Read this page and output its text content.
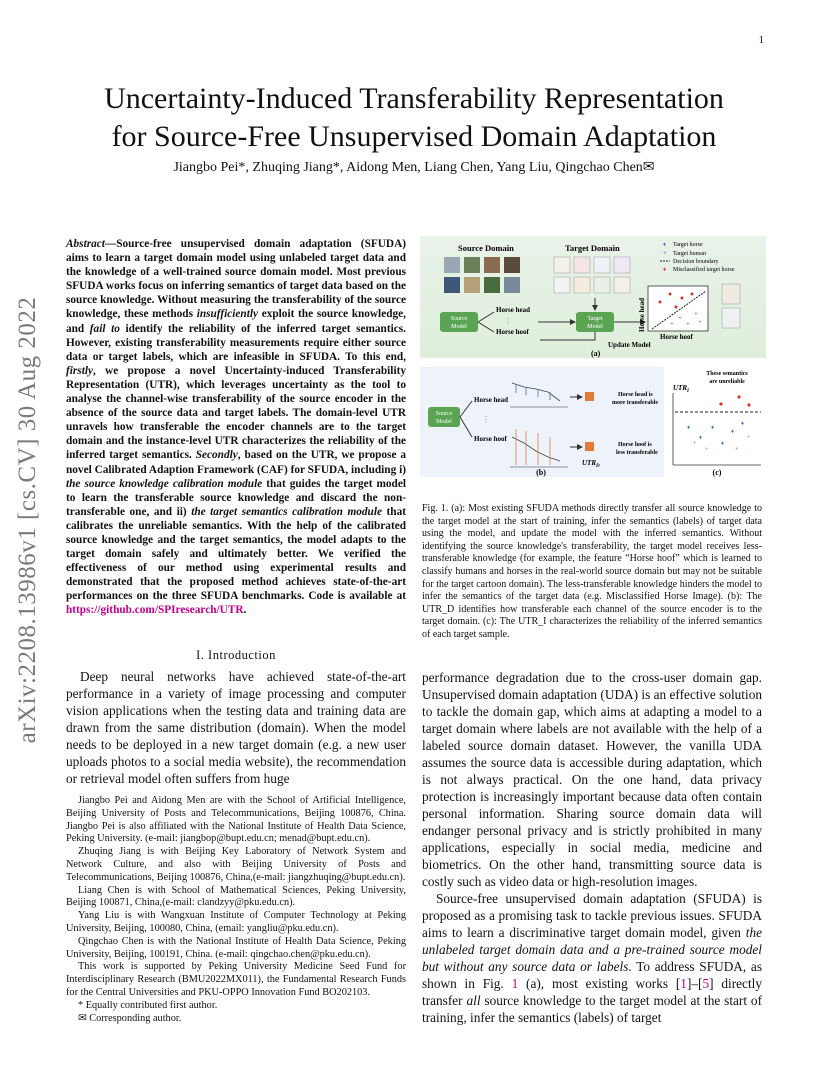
1
arXiv:2208.13986v1 [cs.CV] 30 Aug 2022
Uncertainty-Induced Transferability Representation
for Source-Free Unsupervised Domain Adaptation
Jiangbo Pei*, Zhuqing Jiang*, Aidong Men, Liang Chen, Yang Liu, Qingchao Chen✉
Abstract—Source-free unsupervised domain adaptation (SFUDA) aims to learn a target domain model using unlabeled target data and the knowledge of a well-trained source domain model. Most previous SFUDA works focus on inferring semantics of target data based on the source knowledge. Without measuring the transferability of the source knowledge, these methods insufficiently exploit the source knowledge, and fail to identify the reliability of the inferred target semantics. However, existing transferability measurements require either source data or target labels, which are infeasible in SFUDA. To this end, firstly, we propose a novel Uncertainty-induced Transferability Representation (UTR), which leverages uncertainty as the tool to analyse the channel-wise transferability of the source encoder in the absence of the source data and target labels. The domain-level UTR unravels how transferable the encoder channels are to the target domain and the instance-level UTR characterizes the reliability of the inferred target semantics. Secondly, based on the UTR, we propose a novel Calibrated Adaption Framework (CAF) for SFUDA, including i) the source knowledge calibration module that guides the target model to learn the transferable source knowledge and discard the non-transferable one, and ii) the target semantics calibration module that calibrates the unreliable semantics. With the help of the calibrated source knowledge and the target semantics, the model adapts to the target domain safely and ultimately better. We verified the effectiveness of our method using experimental results and demonstrated that the proposed method achieves state-of-the-art performances on the three SFUDA benchmarks. Code is available at https://github.com/SPIresearch/UTR.
I. Introduction

Deep neural networks have achieved state-of-the-art performance in a variety of image processing and computer vision applications when the testing data and training data are drawn from the same distribution (domain). When the model needs to be deployed in a new target domain (e.g. a new user uploads photos to a social media website), the recommendation or retrieval model often suffers from huge

Jiangbo Pei and Aidong Men are with the School of Artificial Intelligence, Beijing University of Posts and Telecommunications, Beijing 100876, China. Jiangbo Pei is also affiliated with the National Institute of Health Data Science, Peking University. (e-mail: jiangbop@bupt.edu.cn; menad@bupt.edu.cn).

Zhuqing Jiang is with Beijing Key Laboratory of Network System and Network Culture, and also with Beijing University of Posts and Telecommunications, Beijing 100876, China,(e-mail: jiangzhuqing@bupt.edu.cn).

Liang Chen is with School of Mathematical Sciences, Peking University, Beijing 100871, China,(e-mail: clandzyy@pku.edu.cn).

Yang Liu is with Wangxuan Institute of Computer Technology at Peking University, Beijing, 100080, China, (email: yangliu@pku.edu.cn).

Qingchao Chen is with the National Institute of Health Data Science, Peking University, Beijing, 100191, China. (e-mail: qingchao.chen@pku.edu.cn).

This work is supported by Peking University Medicine Seed Fund for Interdisciplinary Research (BMU2022MX011), the Fundamental Research Funds for the Central Universities and PKU-OPPO Innovation Fund BO202103.

* Equally contributed first author.

✉ Corresponding author.

Source Domain	Target Domain	♦ Target horse
+ Target human
Decision boundary
♦ Misclassified target horse
Source Model
Horse head
Horse hoof
⋮	Target Model
+
+
+
+	+
Horse head
Horse hoof
Update Model
(a)
Source Model
Horse head
Horse hoof
⋮
Horse head is more transferable
Horse hoof is less transferable
$UTR_D$
(b)
$UTR_I$
These semantics are unreliable
♦
♦
♦
♦
♦
♦
+
+
+
+
(c)
Fig. 1. (a): Most existing SFUDA methods directly transfer all source knowledge to the target model at the start of training, infer the semantics (labels) of target data using the model, and update the model with the inferred semantics. Without identifying the source knowledge's transferability, the target model receives less-transferable knowledge (for example, the feature “Horse hoof” which is learned to classify humans and horses in the real-world source domain but may not be suitable for the target cartoon domain). The less-transferable knowledge hinders the model to infer the semantics of the target data (e.g. Misclassified Horse Image). (b): The UTR_D identifies how transferable each channel of the source encoder is to the target domain. (c): The UTR_I characterizes the reliability of the inferred semantics of each target sample.

performance degradation due to the cross-user domain gap. Unsupervised domain adaptation (UDA) is an effective solution to tackle the domain gap, which aims at adapting a model to a target domain where labels are not available with the help of a labeled source domain dataset. However, the vanilla UDA assumes the source data is accessible during adaptation, which is not always practical. On the one hand, data privacy protection is increasingly important because data often contain personal information. Sharing source domain data will endanger personal privacy and is strictly prohibited in many applications, especially in social media, medicine and biometrics. On the other hand, transmitting source data is costly such as video data or high-resolution images.

Source-free unsupervised domain adaptation (SFUDA) is proposed as a promising task to tackle previous issues. SFUDA aims to learn a discriminative target domain model, given the unlabeled target domain data and a pre-trained source model but without any source data or labels. To address SFUDA, as shown in Fig. 1 (a), most existing works [1]–[5] directly transfer all source knowledge to the target model at the start of training, infer the semantics (labels) of target
